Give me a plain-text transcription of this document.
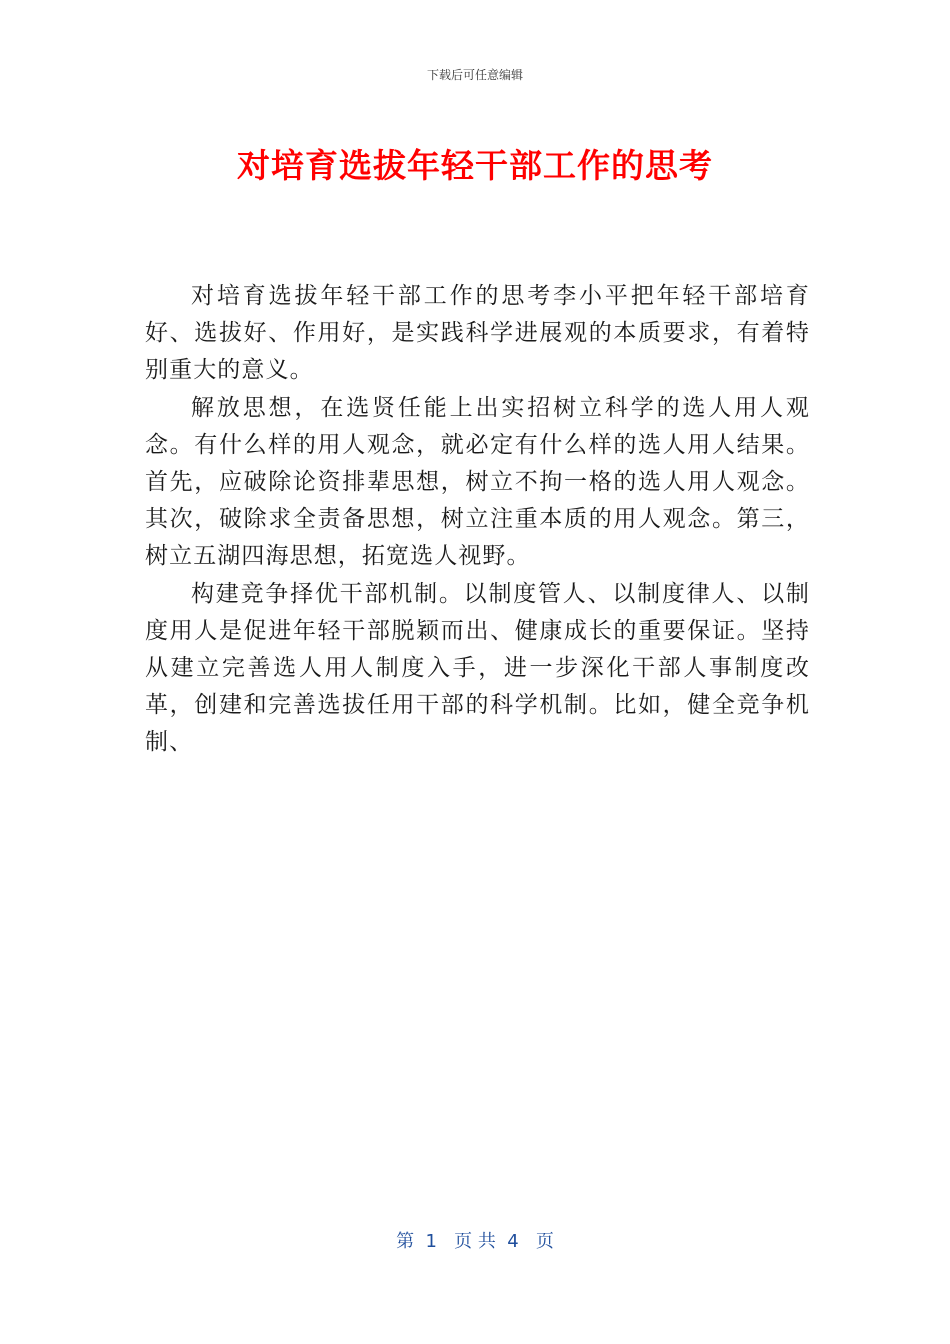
下载后可任意编辑
对培育选拔年轻干部工作的思考

对培育选拔年轻干部工作的思考李小平把年轻干部培育好、选拔好、作用好，是实践科学进展观的本质要求，有着特别重大的意义。

解放思想，在选贤任能上出实招树立科学的选人用人观念。有什么样的用人观念，就必定有什么样的选人用人结果。首先，应破除论资排辈思想，树立不拘一格的选人用人观念。其次，破除求全责备思想，树立注重本质的用人观念。第三，树立五湖四海思想，拓宽选人视野。

构建竞争择优干部机制。以制度管人、以制度律人、以制度用人是促进年轻干部脱颖而出、健康成长的重要保证。坚持从建立完善选人用人制度入手，进一步深化干部人事制度改革，创建和完善选拔任用干部的科学机制。比如，健全竞争机制、

第  1   页 共  4   页
